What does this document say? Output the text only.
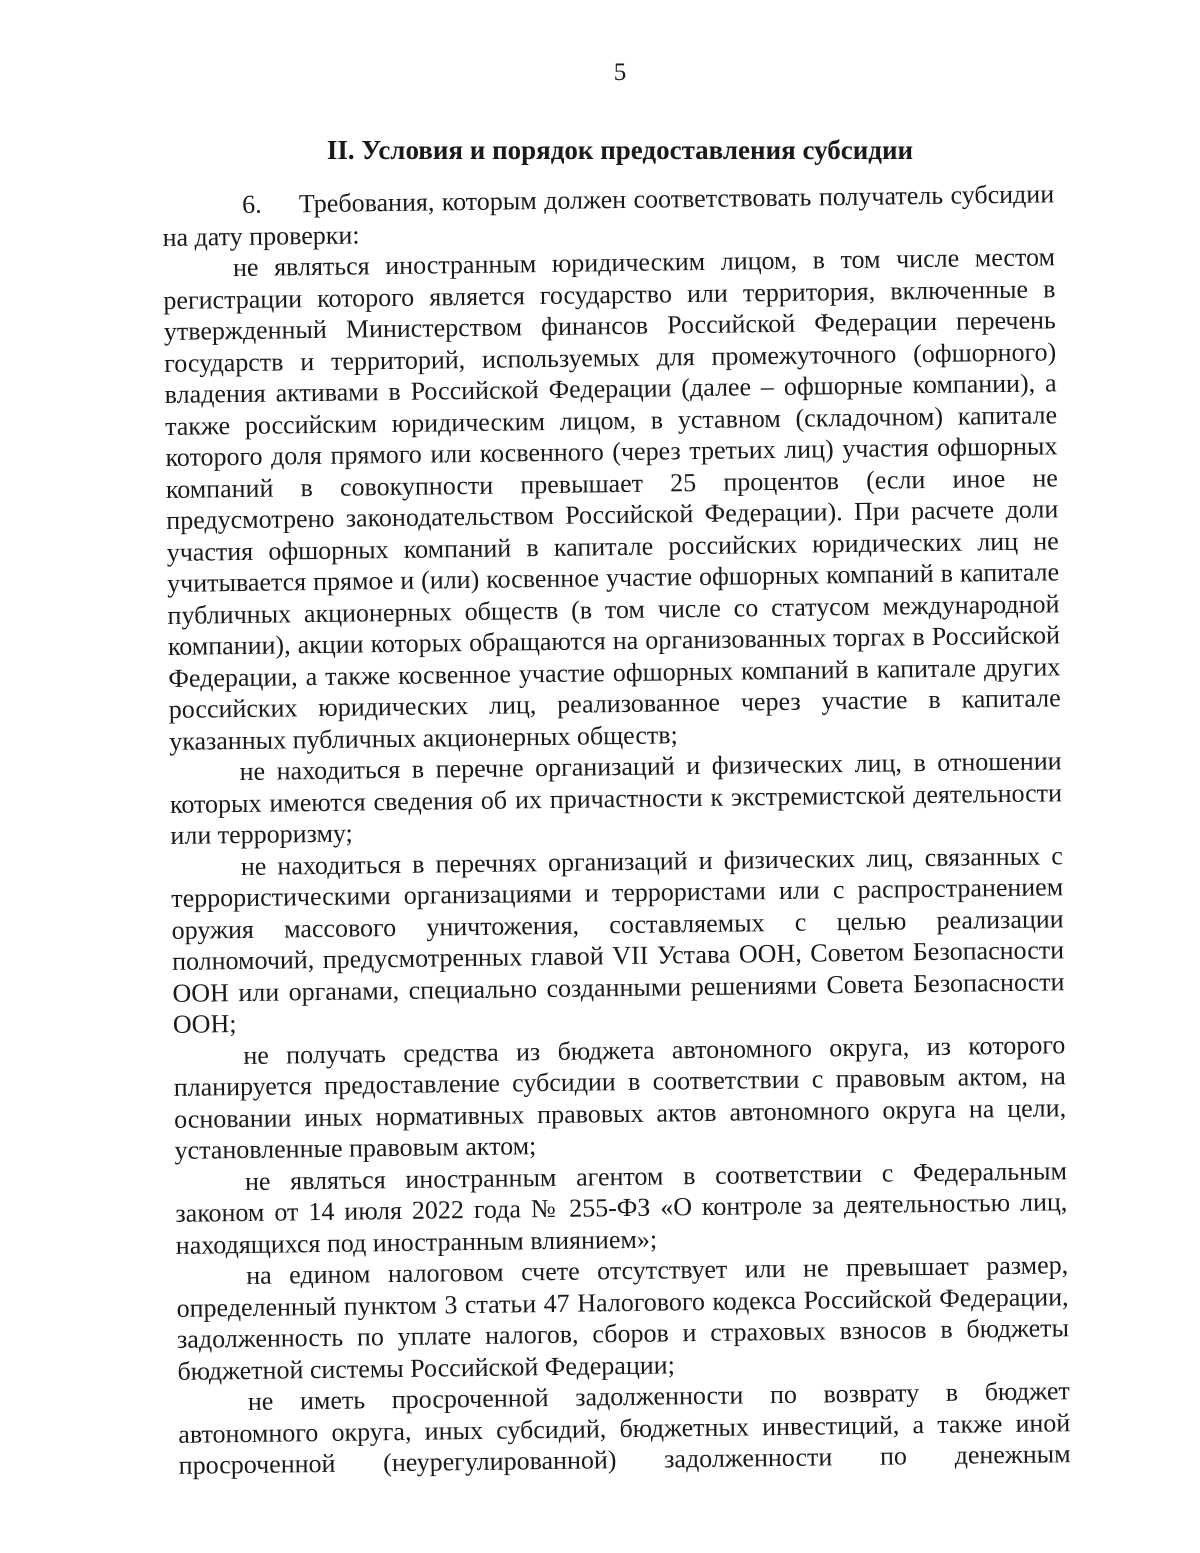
5
II. Условия и порядок предоставления субсидии

6.     Требования, которым должен соответствовать получатель субсидии на дату проверки:

не являться иностранным юридическим лицом, в том числе местом регистрации которого является государство или территория, включенные в утвержденный Министерством финансов Российской Федерации перечень государств и территорий, используемых для промежуточного (офшорного) владения активами в Российской Федерации (далее – офшорные компании), а также российским юридическим лицом, в уставном (складочном) капитале которого доля прямого или косвенного (через третьих лиц) участия офшорных компаний в совокупности превышает 25 процентов (если иное не предусмотрено законодательством Российской Федерации). При расчете доли участия офшорных компаний в капитале российских юридических лиц не учитывается прямое и (или) косвенное участие офшорных компаний в капитале публичных акционерных обществ (в том числе со статусом международной компании), акции которых обращаются на организованных торгах в Российской Федерации, а также косвенное участие офшорных компаний в капитале других российских юридических лиц, реализованное через участие в капитале указанных публичных акционерных обществ;

не находиться в перечне организаций и физических лиц, в отношении которых имеются сведения об их причастности к экстремистской деятельности или терроризму;

не находиться в перечнях организаций и физических лиц, связанных с террористическими организациями и террористами или с распространением оружия массового уничтожения, составляемых с целью реализации полномочий, предусмотренных главой VII Устава ООН, Советом Безопасности ООН или органами, специально созданными решениями Совета Безопасности ООН;

не получать средства из бюджета автономного округа, из которого планируется предоставление субсидии в соответствии с правовым актом, на основании иных нормативных правовых актов автономного округа на цели, установленные правовым актом;

не являться иностранным агентом в соответствии с Федеральным законом от 14 июля 2022 года № 255-ФЗ «О контроле за деятельностью лиц, находящихся под иностранным влиянием»;

на едином налоговом счете отсутствует или не превышает размер, определенный пунктом 3 статьи 47 Налогового кодекса Российской Федерации, задолженность по уплате налогов, сборов и страховых взносов в бюджеты бюджетной системы Российской Федерации;

не иметь просроченной задолженности по возврату в бюджет автономного округа, иных субсидий, бюджетных инвестиций, а также иной просроченной (неурегулированной) задолженности по денежным
